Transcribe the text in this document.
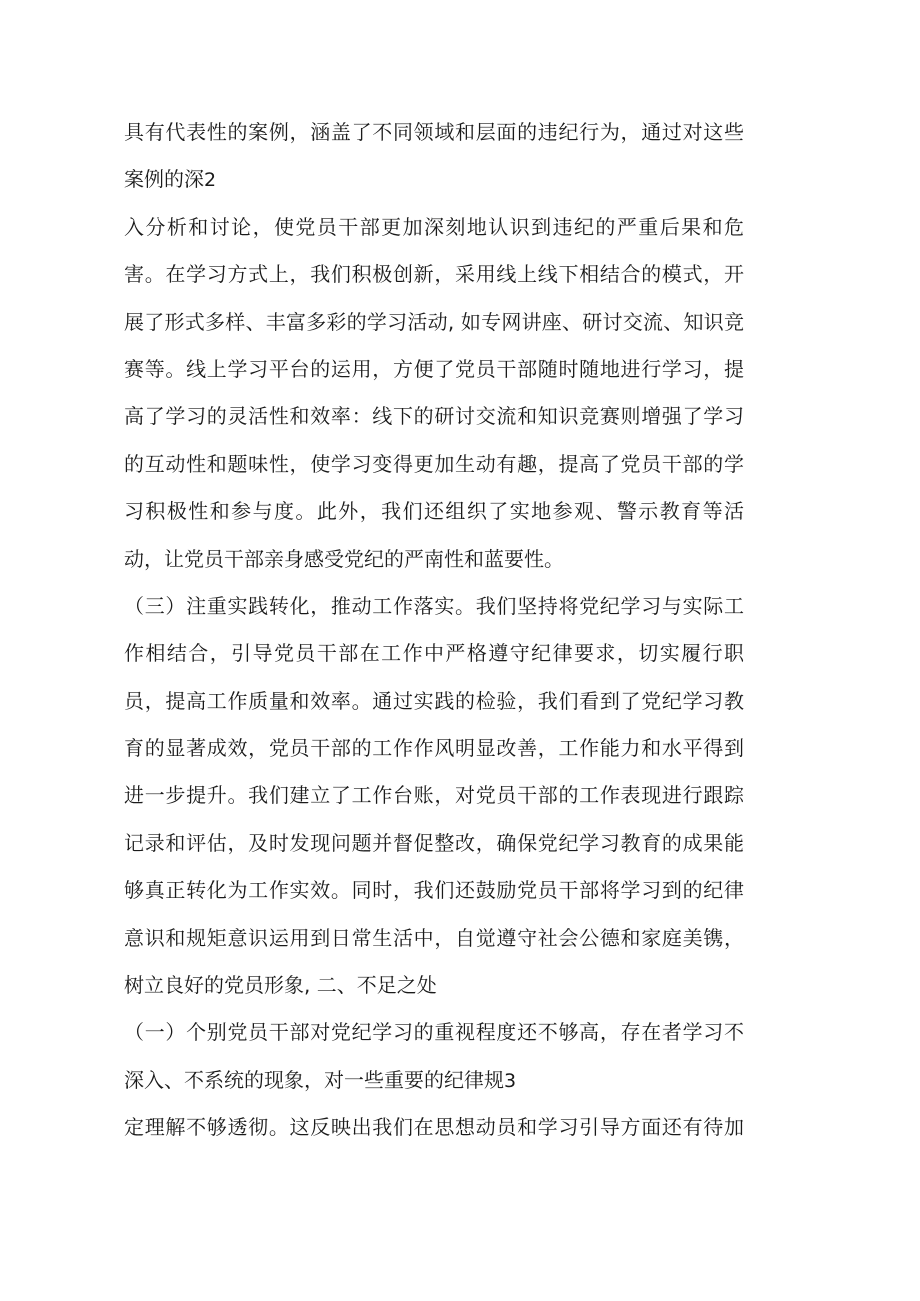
具有代表性的案例，涵盖了不同领域和层面的违纪行为，通过对这些
案例的深2
入分析和讨论，使党员干部更加深刻地认识到违纪的严重后果和危
害。在学习方式上，我们积极创新，采用线上线下相结合的模式，开
展了形式多样、丰富多彩的学习活动, 如专网讲座、研讨交流、知识竞
赛等。线上学习平台的运用，方便了党员干部随时随地进行学习，提
高了学习的灵活性和效率：线下的研讨交流和知识竞赛则增强了学习
的互动性和题味性，使学习变得更加生动有趣，提高了党员干部的学
习积极性和参与度。此外，我们还组织了实地参观、警示教育等活
动，让党员干部亲身感受党纪的严南性和蓝要性。
（三）注重实践转化，推动工作落实。我们坚持将党纪学习与实际工
作相结合，引导党员干部在工作中严格遵守纪律要求，切实履行职
员，提高工作质量和效率。通过实践的检验，我们看到了党纪学习教
育的显著成效，党员干部的工作作风明显改善，工作能力和水平得到
进一步提升。我们建立了工作台账，对党员干部的工作表现进行跟踪
记录和评估，及时发现问题并督促整改，确保党纪学习教育的成果能
够真正转化为工作实效。同时，我们还鼓励党员干部将学习到的纪律
意识和规矩意识运用到日常生活中，自觉遵守社会公德和家庭美镌，
树立良好的党员形象, 二、不足之处
（一）个别党员干部对党纪学习的重视程度还不够高，存在者学习不
深入、不系统的现象，对一些重要的纪律规3
定理解不够透彻。这反映出我们在思想动员和学习引导方面还有待加
